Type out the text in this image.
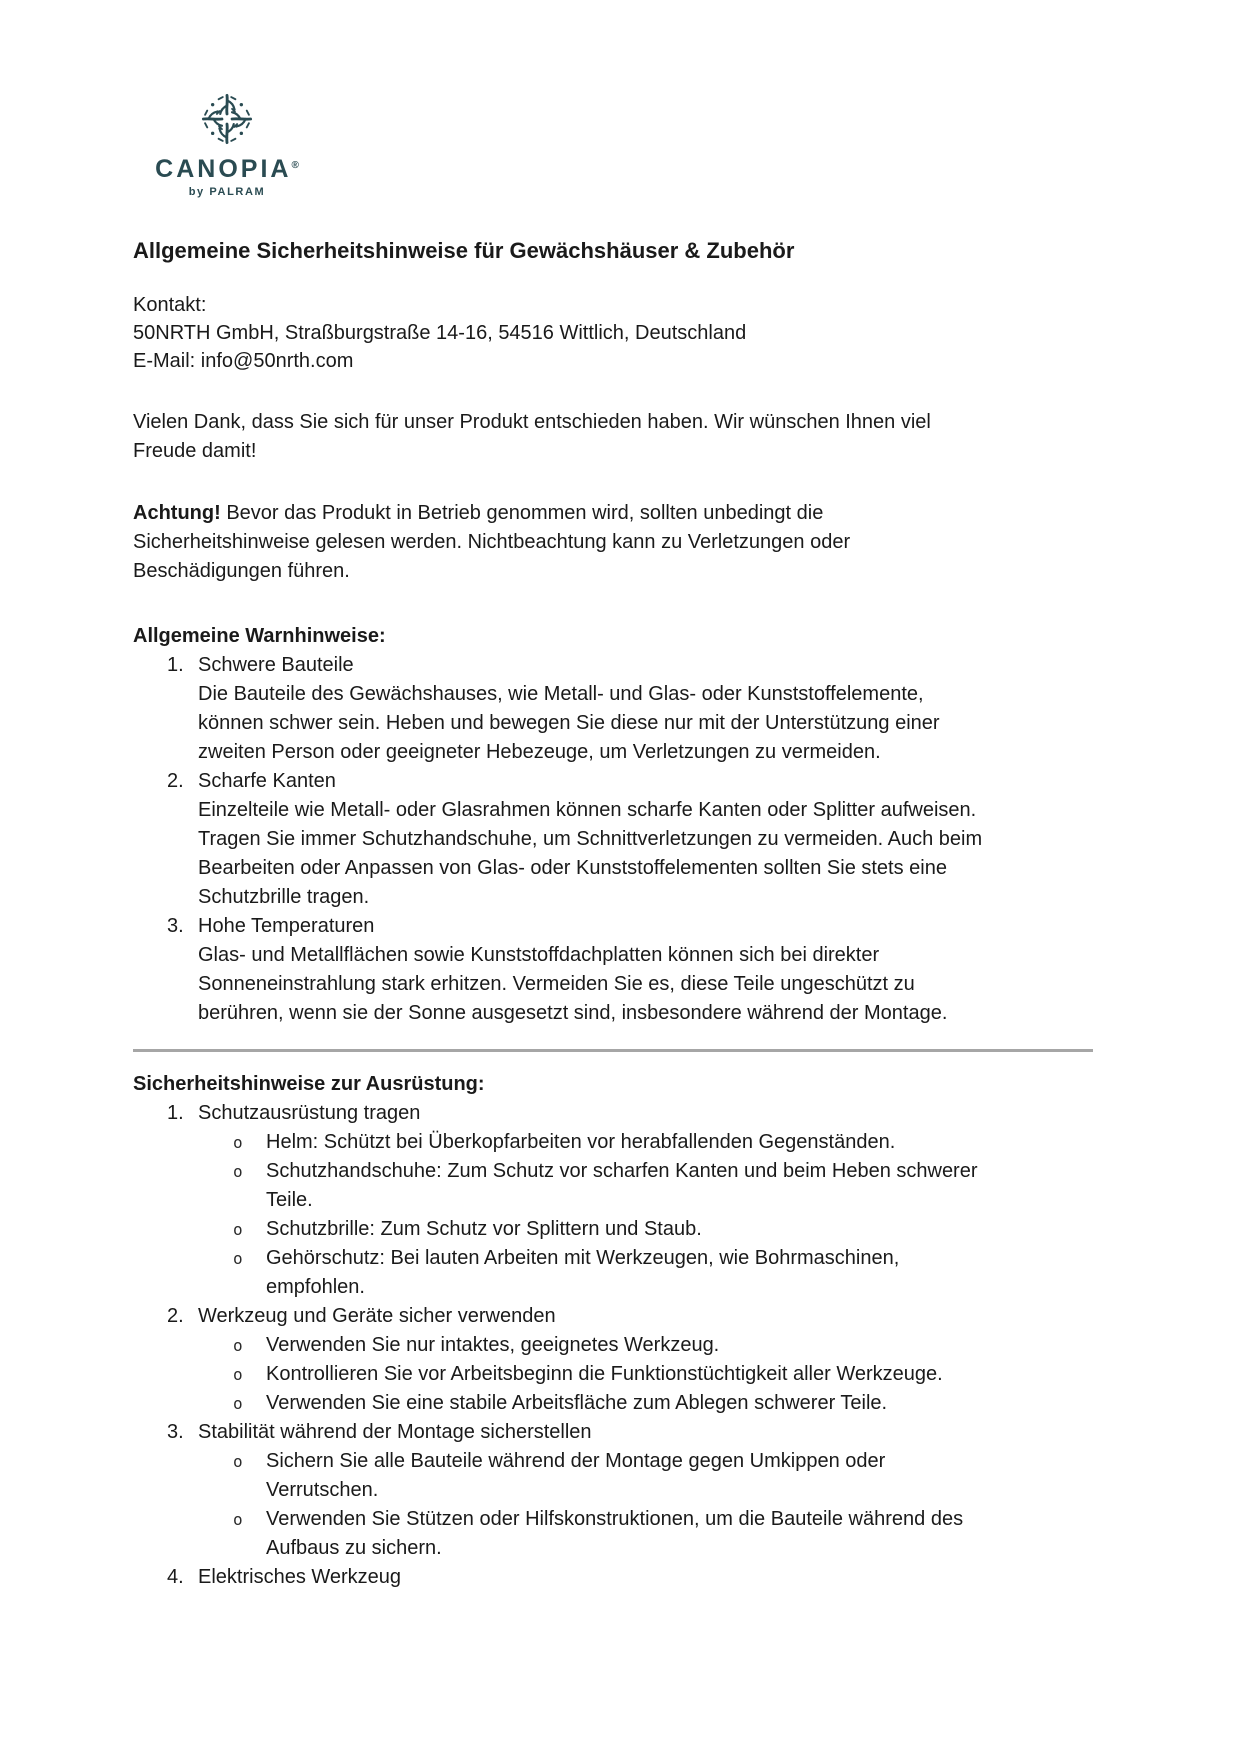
CANOPIA®
by PALRAM
Allgemeine Sicherheitshinweise für Gewächshäuser & Zubehör
Kontakt:
50NRTH GmbH, Straßburgstraße 14-16, 54516 Wittlich, Deutschland
E-Mail: info@50nrth.com
Vielen Dank, dass Sie sich für unser Produkt entschieden haben. Wir wünschen Ihnen viel
Freude damit!
Achtung! Bevor das Produkt in Betrieb genommen wird, sollten unbedingt die
Sicherheitshinweise gelesen werden. Nichtbeachtung kann zu Verletzungen oder
Beschädigungen führen.
Allgemeine Warnhinweise:
1. Schwere Bauteile
Die Bauteile des Gewächshauses, wie Metall- und Glas- oder Kunststoffelemente,
können schwer sein. Heben und bewegen Sie diese nur mit der Unterstützung einer
zweiten Person oder geeigneter Hebezeuge, um Verletzungen zu vermeiden.
2. Scharfe Kanten
Einzelteile wie Metall- oder Glasrahmen können scharfe Kanten oder Splitter aufweisen.
Tragen Sie immer Schutzhandschuhe, um Schnittverletzungen zu vermeiden. Auch beim
Bearbeiten oder Anpassen von Glas- oder Kunststoffelementen sollten Sie stets eine
Schutzbrille tragen.
3. Hohe Temperaturen
Glas- und Metallflächen sowie Kunststoffdachplatten können sich bei direkter
Sonneneinstrahlung stark erhitzen. Vermeiden Sie es, diese Teile ungeschützt zu
berühren, wenn sie der Sonne ausgesetzt sind, insbesondere während der Montage.
Sicherheitshinweise zur Ausrüstung:
1. Schutzausrüstung tragen
o Helm: Schützt bei Überkopfarbeiten vor herabfallenden Gegenständen.
o Schutzhandschuhe: Zum Schutz vor scharfen Kanten und beim Heben schwerer
Teile.
o Schutzbrille: Zum Schutz vor Splittern und Staub.
o Gehörschutz: Bei lauten Arbeiten mit Werkzeugen, wie Bohrmaschinen,
empfohlen.
2. Werkzeug und Geräte sicher verwenden
o Verwenden Sie nur intaktes, geeignetes Werkzeug.
o Kontrollieren Sie vor Arbeitsbeginn die Funktionstüchtigkeit aller Werkzeuge.
o Verwenden Sie eine stabile Arbeitsfläche zum Ablegen schwerer Teile.
3. Stabilität während der Montage sicherstellen
o Sichern Sie alle Bauteile während der Montage gegen Umkippen oder
Verrutschen.
o Verwenden Sie Stützen oder Hilfskonstruktionen, um die Bauteile während des
Aufbaus zu sichern.
4. Elektrisches Werkzeug
